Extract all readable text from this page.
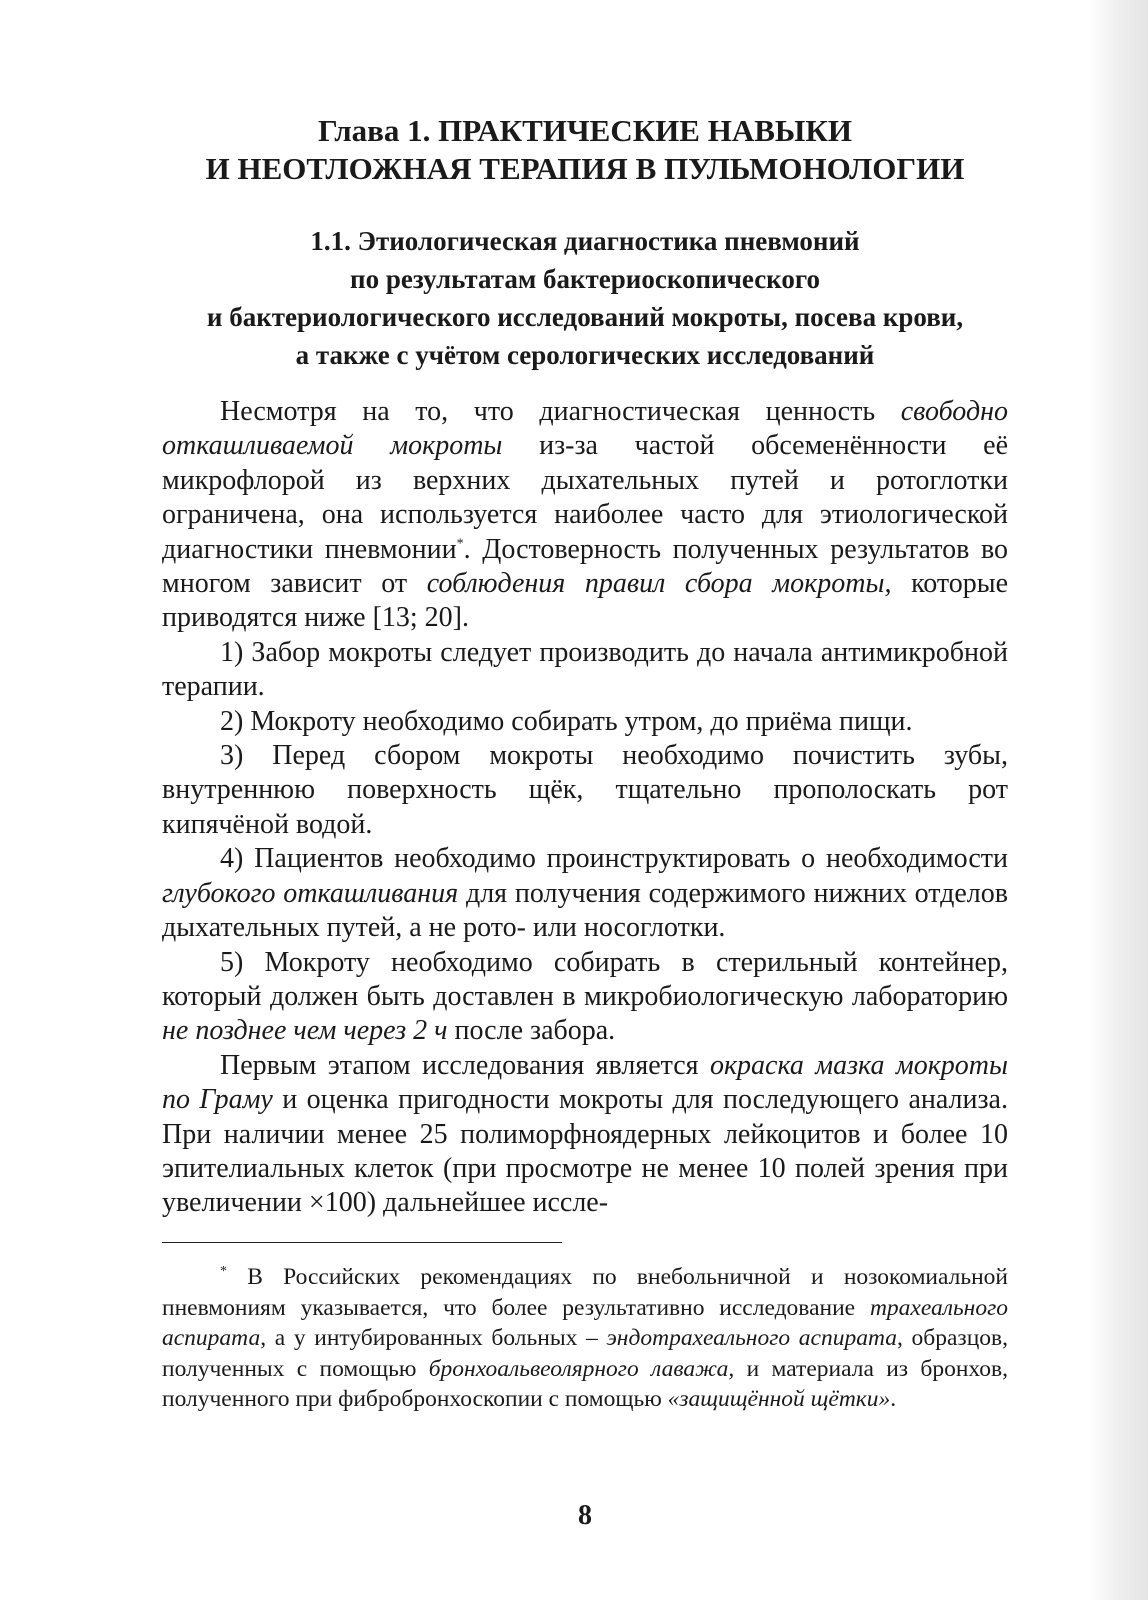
Глава 1. ПРАКТИЧЕСКИЕ НАВЫКИ
И НЕОТЛОЖНАЯ ТЕРАПИЯ В ПУЛЬМОНОЛОГИИ
1.1. Этиологическая диагностика пневмоний
по результатам бактериоскопического
и бактериологического исследований мокроты, посева крови,
а также с учётом серологических исследований

Несмотря на то, что диагностическая ценность свободно откашливаемой мокроты из-за частой обсеменённости её микрофлорой из верхних дыхательных путей и ротоглотки ограничена, она используется наиболее часто для этиологической диагностики пневмонии*. Достоверность полученных результатов во многом зависит от соблюдения правил сбора мокроты, которые приводятся ниже [13; 20].

1) Забор мокроты следует производить до начала антимикробной терапии.

2) Мокроту необходимо собирать утром, до приёма пищи.

3) Перед сбором мокроты необходимо почистить зубы, внутреннюю поверхность щёк, тщательно прополоскать рот кипячёной водой.

4) Пациентов необходимо проинструктировать о необходимости глубокого откашливания для получения содержимого нижних отделов дыхательных путей, а не рото- или носоглотки.

5) Мокроту необходимо собирать в стерильный контейнер, который должен быть доставлен в микробиологическую лабораторию не позднее чем через 2 ч после забора.

Первым этапом исследования является окраска мазка мокроты по Граму и оценка пригодности мокроты для последующего анализа. При наличии менее 25 полиморфноядерных лейкоцитов и более 10 эпителиальных клеток (при просмотре не менее 10 полей зрения при увеличении ×100) дальнейшее иссле-

* В Российских рекомендациях по внебольничной и нозокомиальной пневмониям указывается, что более результативно исследование трахеального аспирата, а у интубированных больных – эндотрахеального аспирата, образцов, полученных с помощью бронхоальвеолярного лаважа, и материала из бронхов, полученного при фибробронхоскопии с помощью «защищённой щётки».

8
